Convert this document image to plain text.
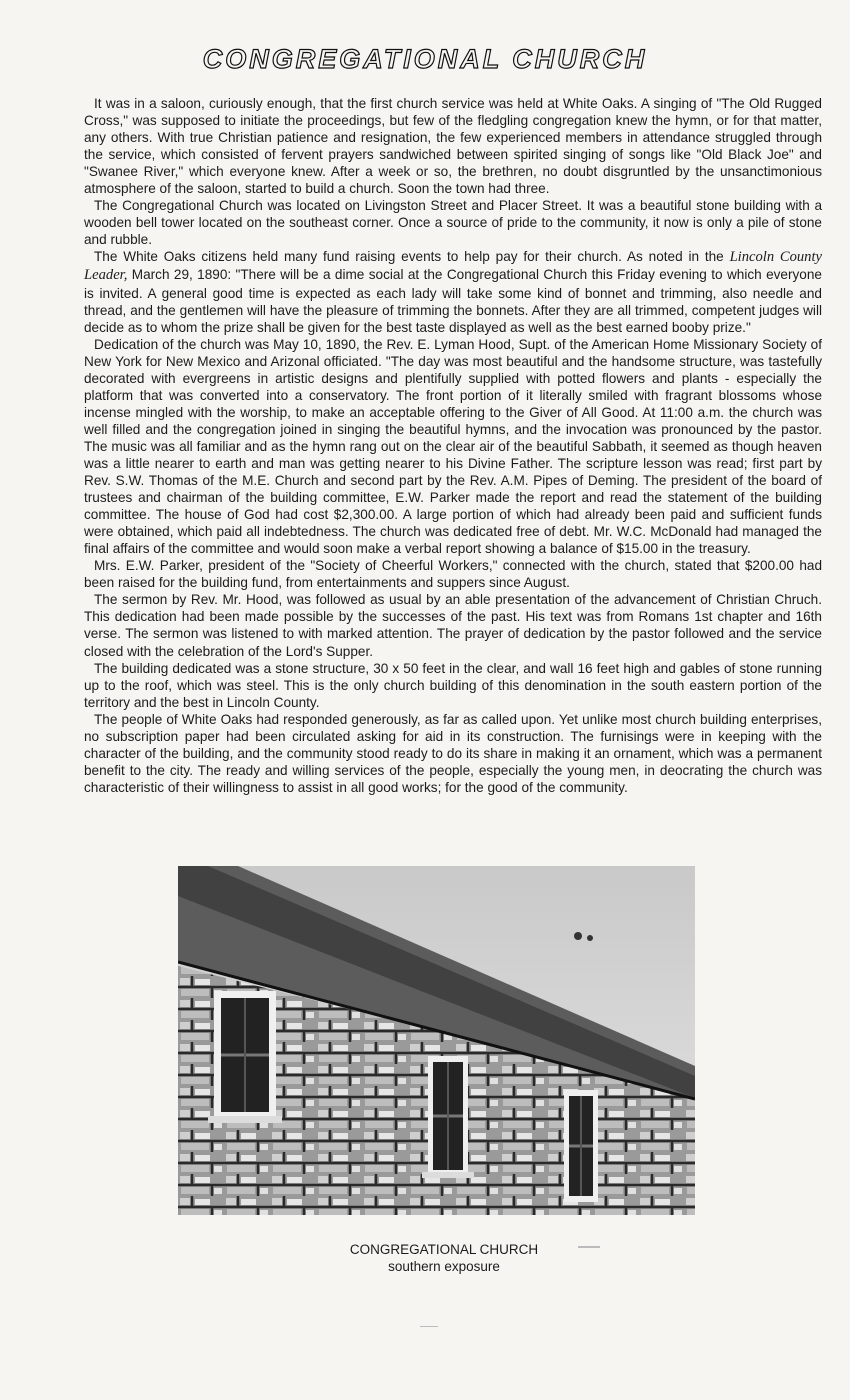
CONGREGATIONAL CHURCH

It was in a saloon, curiously enough, that the first church service was held at White Oaks. A singing of "The Old Rugged Cross," was supposed to initiate the proceedings, but few of the fledgling congregation knew the hymn, or for that matter, any others. With true Christian patience and resignation, the few experienced members in attendance struggled through the service, which consisted of fervent prayers sandwiched between spirited singing of songs like "Old Black Joe" and "Swanee River," which everyone knew. After a week or so, the brethren, no doubt disgruntled by the unsanctimonious atmosphere of the saloon, started to build a church. Soon the town had three.

The Congregational Church was located on Livingston Street and Placer Street. It was a beautiful stone building with a wooden bell tower located on the southeast corner. Once a source of pride to the community, it now is only a pile of stone and rubble.

The White Oaks citizens held many fund raising events to help pay for their church. As noted in the Lincoln County Leader, March 29, 1890: "There will be a dime social at the Congregational Church this Friday evening to which everyone is invited. A general good time is expected as each lady will take some kind of bonnet and trimming, also needle and thread, and the gentlemen will have the pleasure of trimming the bonnets. After they are all trimmed, competent judges will decide as to whom the prize shall be given for the best taste displayed as well as the best earned booby prize."

Dedication of the church was May 10, 1890, the Rev. E. Lyman Hood, Supt. of the American Home Missionary Society of New York for New Mexico and Arizonal officiated. "The day was most beautiful and the handsome structure, was tastefully decorated with evergreens in artistic designs and plentifully supplied with potted flowers and plants - especially the platform that was converted into a conservatory. The front portion of it literally smiled with fragrant blossoms whose incense mingled with the worship, to make an acceptable offering to the Giver of All Good. At 11:00 a.m. the church was well filled and the congregation joined in singing the beautiful hymns, and the invocation was pronounced by the pastor. The music was all familiar and as the hymn rang out on the clear air of the beautiful Sabbath, it seemed as though heaven was a little nearer to earth and man was getting nearer to his Divine Father. The scripture lesson was read; first part by Rev. S.W. Thomas of the M.E. Church and second part by the Rev. A.M. Pipes of Deming. The president of the board of trustees and chairman of the building committee, E.W. Parker made the report and read the statement of the building committee. The house of God had cost $2,300.00. A large portion of which had already been paid and sufficient funds were obtained, which paid all indebtedness. The church was dedicated free of debt. Mr. W.C. McDonald had managed the final affairs of the committee and would soon make a verbal report showing a balance of $15.00 in the treasury.

Mrs. E.W. Parker, president of the "Society of Cheerful Workers," connected with the church, stated that $200.00 had been raised for the building fund, from entertainments and suppers since August.

The sermon by Rev. Mr. Hood, was followed as usual by an able presentation of the advancement of Christian Chruch. This dedication had been made possible by the successes of the past. His text was from Romans 1st chapter and 16th verse. The sermon was listened to with marked attention. The prayer of dedication by the pastor followed and the service closed with the celebration of the Lord's Supper.

The building dedicated was a stone structure, 30 x 50 feet in the clear, and wall 16 feet high and gables of stone running up to the roof, which was steel. This is the only church building of this denomination in the south eastern portion of the territory and the best in Lincoln County.

The people of White Oaks had responded generously, as far as called upon. Yet unlike most church building enterprises, no subscription paper had been circulated asking for aid in its construction. The furnisings were in keeping with the character of the building, and the community stood ready to do its share in making it an ornament, which was a permanent benefit to the city. The ready and willing services of the people, especially the young men, in deocrating the church was characteristic of their willingness to assist in all good works; for the good of the community.

CONGREGATIONAL CHURCH
southern exposure
